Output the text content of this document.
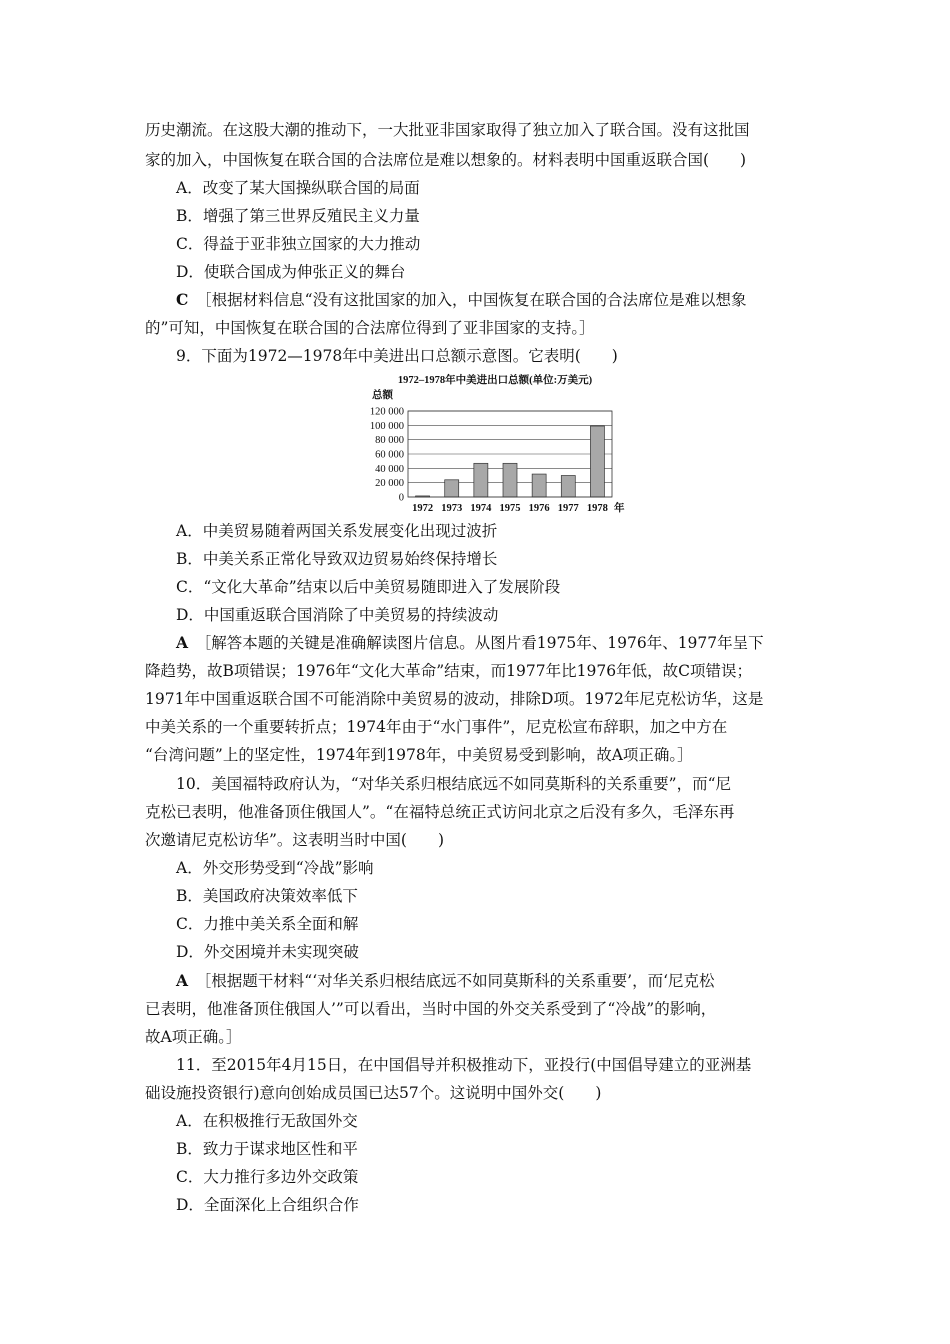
历史潮流。在这股大潮的推动下，一大批亚非国家取得了独立加入了联合国。没有这批国
家的加入，中国恢复在联合国的合法席位是难以想象的。材料表明中国重返联合国(　　)
A．改变了某大国操纵联合国的局面
B．增强了第三世界反殖民主义力量
C．得益于亚非独立国家的大力推动
D．使联合国成为伸张正义的舞台
C　 ［根据材料信息“没有这批国家的加入，中国恢复在联合国的合法席位是难以想象
的”可知，中国恢复在联合国的合法席位得到了亚非国家的支持。］
9．下面为1972—1978年中美进出口总额示意图。它表明(　　)
1972–1978年中美进出口总额(单位:万美元)
总额
120 000
100 000
80 000
60 000
40 000
20 000
0
1972 1973 1974 1975 1976 1977 1978 年
A．中美贸易随着两国关系发展变化出现过波折
B．中美关系正常化导致双边贸易始终保持增长
C．“文化大革命”结束以后中美贸易随即进入了发展阶段
D．中国重返联合国消除了中美贸易的持续波动
A　 ［解答本题的关键是准确解读图片信息。从图片看1975年、1976年、1977年呈下
降趋势，故B项错误；1976年“文化大革命”结束，而1977年比1976年低，故C项错误；
1971年中国重返联合国不可能消除中美贸易的波动，排除D项。1972年尼克松访华，这是
中美关系的一个重要转折点；1974年由于“水门事件”，尼克松宣布辞职，加之中方在
“台湾问题”上的坚定性，1974年到1978年，中美贸易受到影响，故A项正确。］
10．美国福特政府认为，“对华关系归根结底远不如同莫斯科的关系重要”，而“尼
克松已表明，他准备顶住俄国人”。“在福特总统正式访问北京之后没有多久，毛泽东再
次邀请尼克松访华”。这表明当时中国(　　)
A．外交形势受到“冷战”影响
B．美国政府决策效率低下
C．力推中美关系全面和解
D．外交困境并未实现突破
A　 ［根据题干材料“‘对华关系归根结底远不如同莫斯科的关系重要’，而‘尼克松
已表明，他准备顶住俄国人’”可以看出，当时中国的外交关系受到了“冷战”的影响，
故A项正确。］
11．至2015年4月15日，在中国倡导并积极推动下，亚投行(中国倡导建立的亚洲基
础设施投资银行)意向创始成员国已达57个。这说明中国外交(　　)
A．在积极推行无敌国外交
B．致力于谋求地区性和平
C．大力推行多边外交政策
D．全面深化上合组织合作
